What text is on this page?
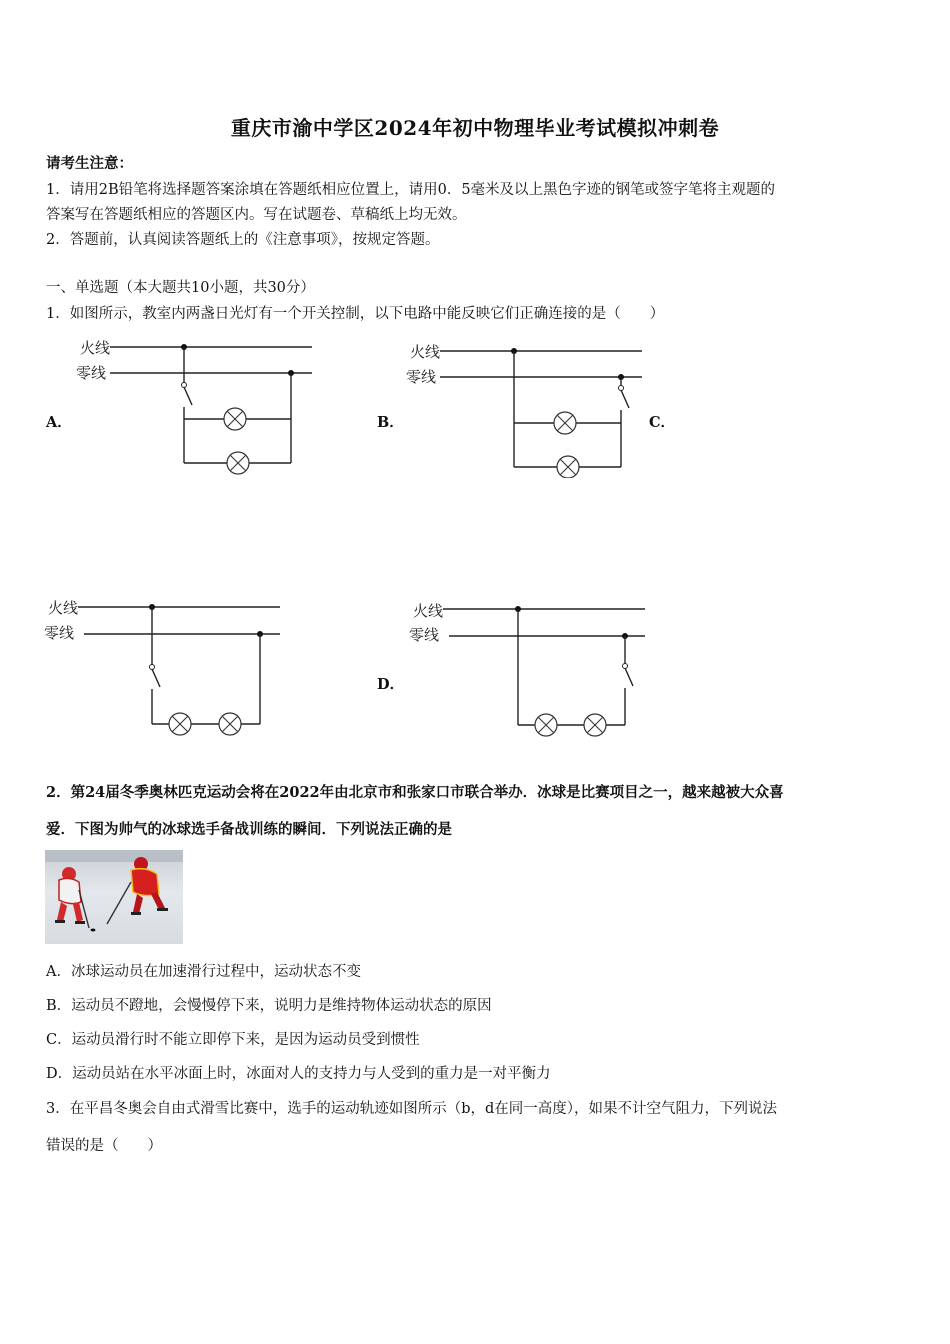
重庆市渝中学区2024年初中物理毕业考试模拟冲刺卷
请考生注意：
1．请用2B铅笔将选择题答案涂填在答题纸相应位置上，请用0．5毫米及以上黑色字迹的钢笔或签字笔将主观题的
答案写在答题纸相应的答题区内。写在试题卷、草稿纸上均无效。
2．答题前，认真阅读答题纸上的《注意事项》，按规定答题。
一、单选题（本大题共10小题，共30分）
1．如图所示，教室内两盏日光灯有一个开关控制，以下电路中能反映它们正确连接的是（　　）
A．	B．	C．
D．
火线
零线
火线
零线
火线
零线
火线
零线
2．第24届冬季奥林匹克运动会将在2022年由北京市和张家口市联合举办．冰球是比赛项目之一，越来越被大众喜
爱．下图为帅气的冰球选手备战训练的瞬间．下列说法正确的是
A．冰球运动员在加速滑行过程中，运动状态不变
B．运动员不蹬地，会慢慢停下来，说明力是维持物体运动状态的原因
C．运动员滑行时不能立即停下来，是因为运动员受到惯性
D．运动员站在水平冰面上时，冰面对人的支持力与人受到的重力是一对平衡力
3．在平昌冬奥会自由式滑雪比赛中，选手的运动轨迹如图所示（b，d在同一高度），如果不计空气阻力，下列说法
错误的是（　　）
